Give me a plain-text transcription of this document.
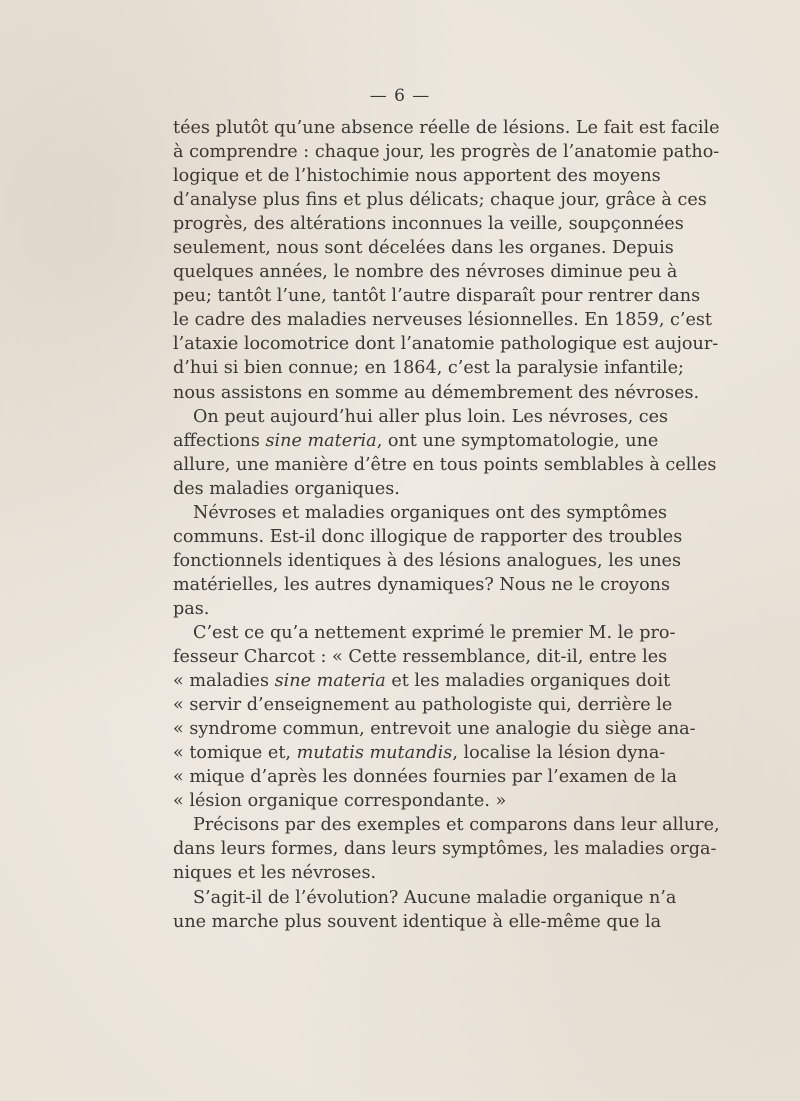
— 6 —
tées plutôt qu’une absence réelle de lésions. Le fait est facile
à comprendre : chaque jour, les progrès de l’anatomie patho-
logique et de l’histochimie nous apportent des moyens
d’analyse plus fins et plus délicats; chaque jour, grâce à ces
progrès, des altérations inconnues la veille, soupçonnées
seulement, nous sont décelées dans les organes. Depuis
quelques années, le nombre des névroses diminue peu à
peu; tantôt l’une, tantôt l’autre disparaît pour rentrer dans
le cadre des maladies nerveuses lésionnelles. En 1859, c’est
l’ataxie locomotrice dont l’anatomie pathologique est aujour-
d’hui si bien connue; en 1864, c’est la paralysie infantile;
nous assistons en somme au démembrement des névroses.
On peut aujourd’hui aller plus loin. Les névroses, ces
affections sine materia, ont une symptomatologie, une
allure, une manière d’être en tous points semblables à celles
des maladies organiques.
Névroses et maladies organiques ont des symptômes
communs. Est-il donc illogique de rapporter des troubles
fonctionnels identiques à des lésions analogues, les unes
matérielles, les autres dynamiques? Nous ne le croyons
pas.
C’est ce qu’a nettement exprimé le premier M. le pro-
fesseur Charcot : « Cette ressemblance, dit-il, entre les
« maladies sine materia et les maladies organiques doit
« servir d’enseignement au pathologiste qui, derrière le
« syndrome commun, entrevoit une analogie du siège ana-
« tomique et, mutatis mutandis, localise la lésion dyna-
« mique d’après les données fournies par l’examen de la
« lésion organique correspondante. »
Précisons par des exemples et comparons dans leur allure,
dans leurs formes, dans leurs symptômes, les maladies orga-
niques et les névroses.
S’agit-il de l’évolution? Aucune maladie organique n’a
une marche plus souvent identique à elle-même que la
